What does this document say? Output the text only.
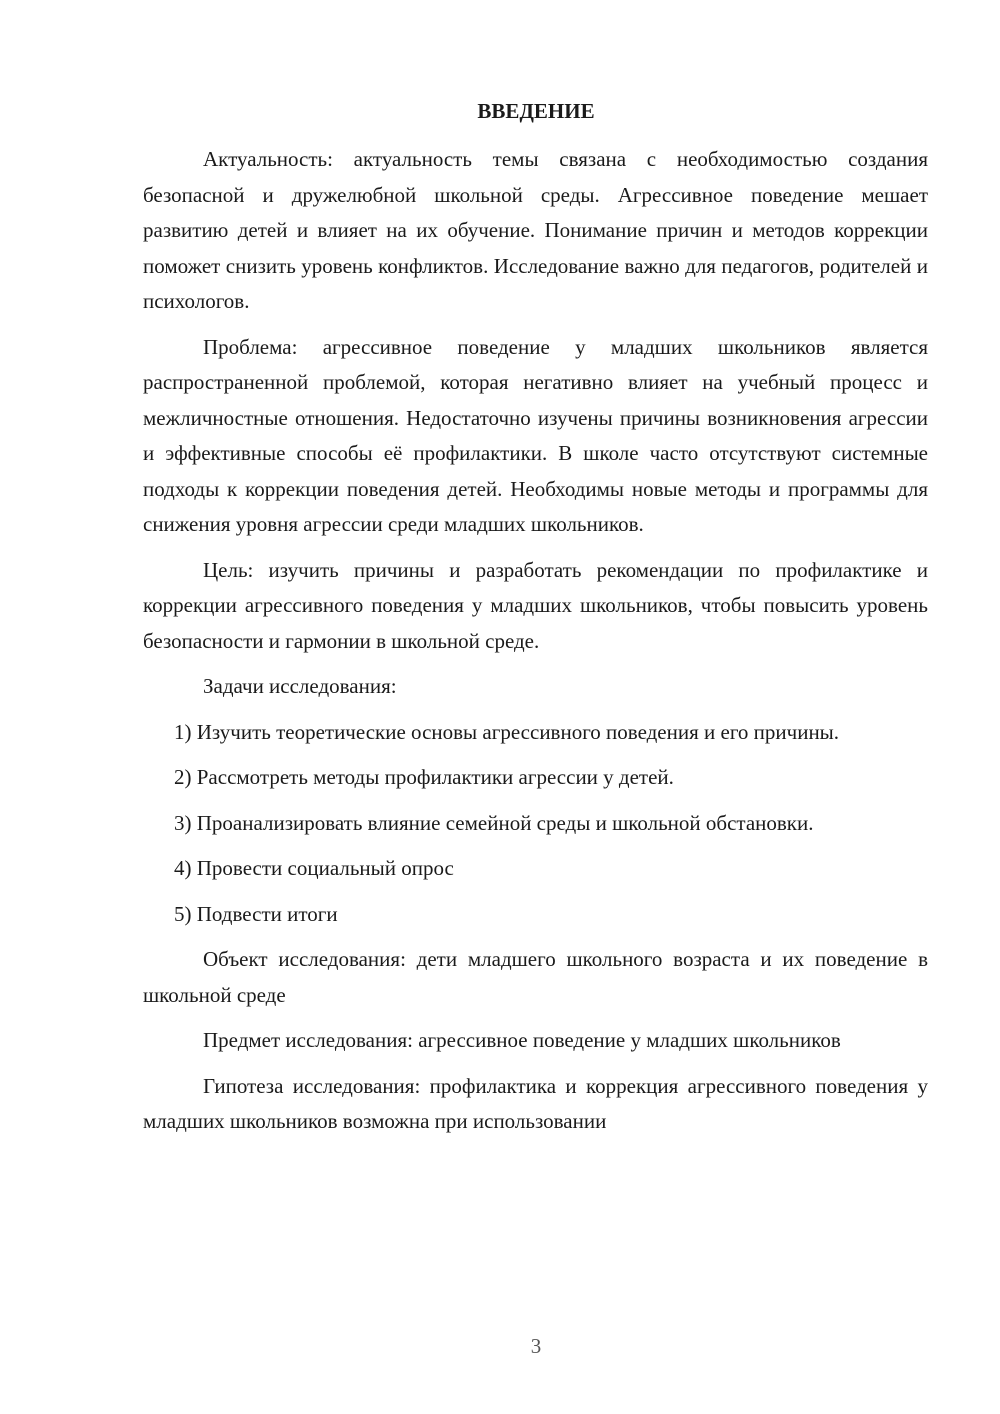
ВВЕДЕНИЕ

Актуальность: актуальность темы связана с необходимостью создания безопасной и дружелюбной школьной среды. Агрессивное поведение мешает развитию детей и влияет на их обучение. Понимание причин и методов коррекции поможет снизить уровень конфликтов. Исследование важно для педагогов, родителей и психологов.

Проблема: агрессивное поведение у младших школьников является распространенной проблемой, которая негативно влияет на учебный процесс и межличностные отношения. Недостаточно изучены причины возникновения агрессии и эффективные способы её профилактики. В школе часто отсутствуют системные подходы к коррекции поведения детей. Необходимы новые методы и программы для снижения уровня агрессии среди младших школьников.

Цель: изучить причины и разработать рекомендации по профилактике и коррекции агрессивного поведения у младших школьников, чтобы повысить уровень безопасности и гармонии в школьной среде.

Задачи исследования:

1) Изучить теоретические основы агрессивного поведения и его причины.

2) Рассмотреть методы профилактики агрессии у детей.

3) Проанализировать влияние семейной среды и школьной обстановки.

4) Провести социальный опрос

5) Подвести итоги

Объект исследования: дети младшего школьного возраста и их поведение в школьной среде

Предмет исследования: агрессивное поведение у младших школьников

Гипотеза исследования: профилактика и коррекция агрессивного поведения у младших школьников возможна при использовании

3
